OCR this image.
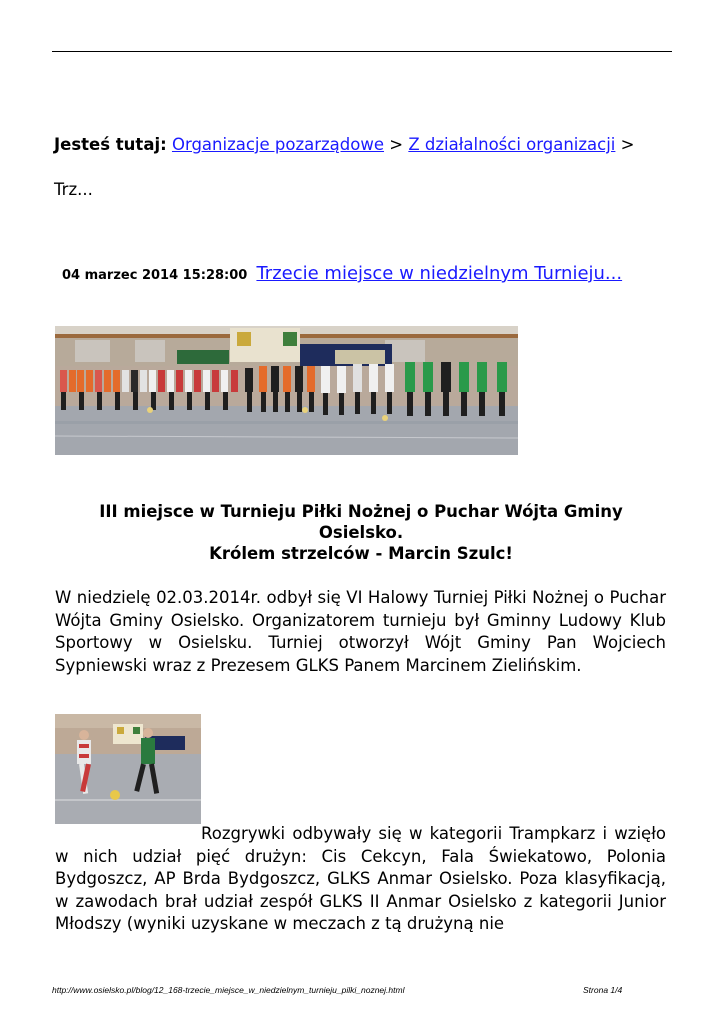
Jesteś tutaj: Organizacje pozarządowe > Z działalności organizacji >
Trz...
04 marzec 2014 15:28:00 Trzecie miejsce w niedzielnym Turnieju...
III miejsce w Turnieju Piłki Nożnej o Puchar Wójta Gminy Osielsko.
Królem strzelców - Marcin Szulc!
W niedzielę 02.03.2014r. odbył się VI Halowy Turniej Piłki Nożnej o Puchar Wójta Gminy Osielsko. Organizatorem turnieju był Gminny Ludowy Klub Sportowy w Osielsku. Turniej otworzył Wójt Gminy Pan Wojciech Sypniewski wraz z Prezesem GLKS Panem Marcinem Zielińskim.
Rozgrywki odbywały się w kategorii Trampkarz i wzięło w nich udział pięć drużyn: Cis Cekcyn, Fala Świekatowo, Polonia Bydgoszcz, AP Brda Bydgoszcz, GLKS Anmar Osielsko. Poza klasyfikacją, w zawodach brał udział zespół GLKS II Anmar Osielsko z kategorii Junior Młodszy (wyniki uzyskane w meczach z tą drużyną nie
http://www.osielsko.pl/blog/12_168-trzecie_miejsce_w_niedzielnym_turnieju_pilki_noznej.html	Strona 1/4
